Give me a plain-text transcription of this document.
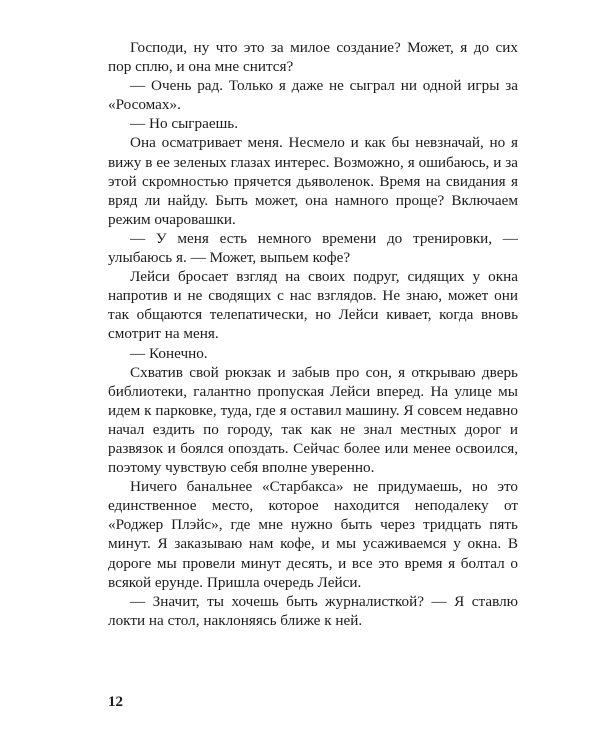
Господи, ну что это за милое создание? Может, я до сих пор сплю, и она мне снится?

— Очень рад. Только я даже не сыграл ни одной игры за «Росомах».

— Но сыграешь.

Она осматривает меня. Несмело и как бы невзначай, но я вижу в ее зеленых глазах интерес. Возможно, я ошибаюсь, и за этой скромностью прячется дьяволенок. Время на свидания я вряд ли найду. Быть может, она намного проще? Включаем режим очаровашки.

— У меня есть немного времени до тренировки, — улыбаюсь я. — Может, выпьем кофе?

Лейси бросает взгляд на своих подруг, сидящих у окна напротив и не сводящих с нас взглядов. Не знаю, может они так общаются телепатически, но Лейси кивает, когда вновь смотрит на меня.

— Конечно.

Схватив свой рюкзак и забыв про сон, я открываю дверь библиотеки, галантно пропуская Лейси вперед. На улице мы идем к парковке, туда, где я оставил машину. Я совсем недавно начал ездить по городу, так как не знал местных дорог и развязок и боялся опоздать. Сейчас более или менее освоился, поэтому чувствую себя вполне уверенно.

Ничего банальнее «Старбакса» не придумаешь, но это единственное место, которое находится неподалеку от «Роджер Плэйс», где мне нужно быть через тридцать пять минут. Я заказываю нам кофе, и мы усаживаемся у окна. В дороге мы провели минут десять, и все это время я болтал о всякой ерунде. Пришла очередь Лейси.

— Значит, ты хочешь быть журналисткой? — Я ставлю локти на стол, наклоняясь ближе к ней.

12
